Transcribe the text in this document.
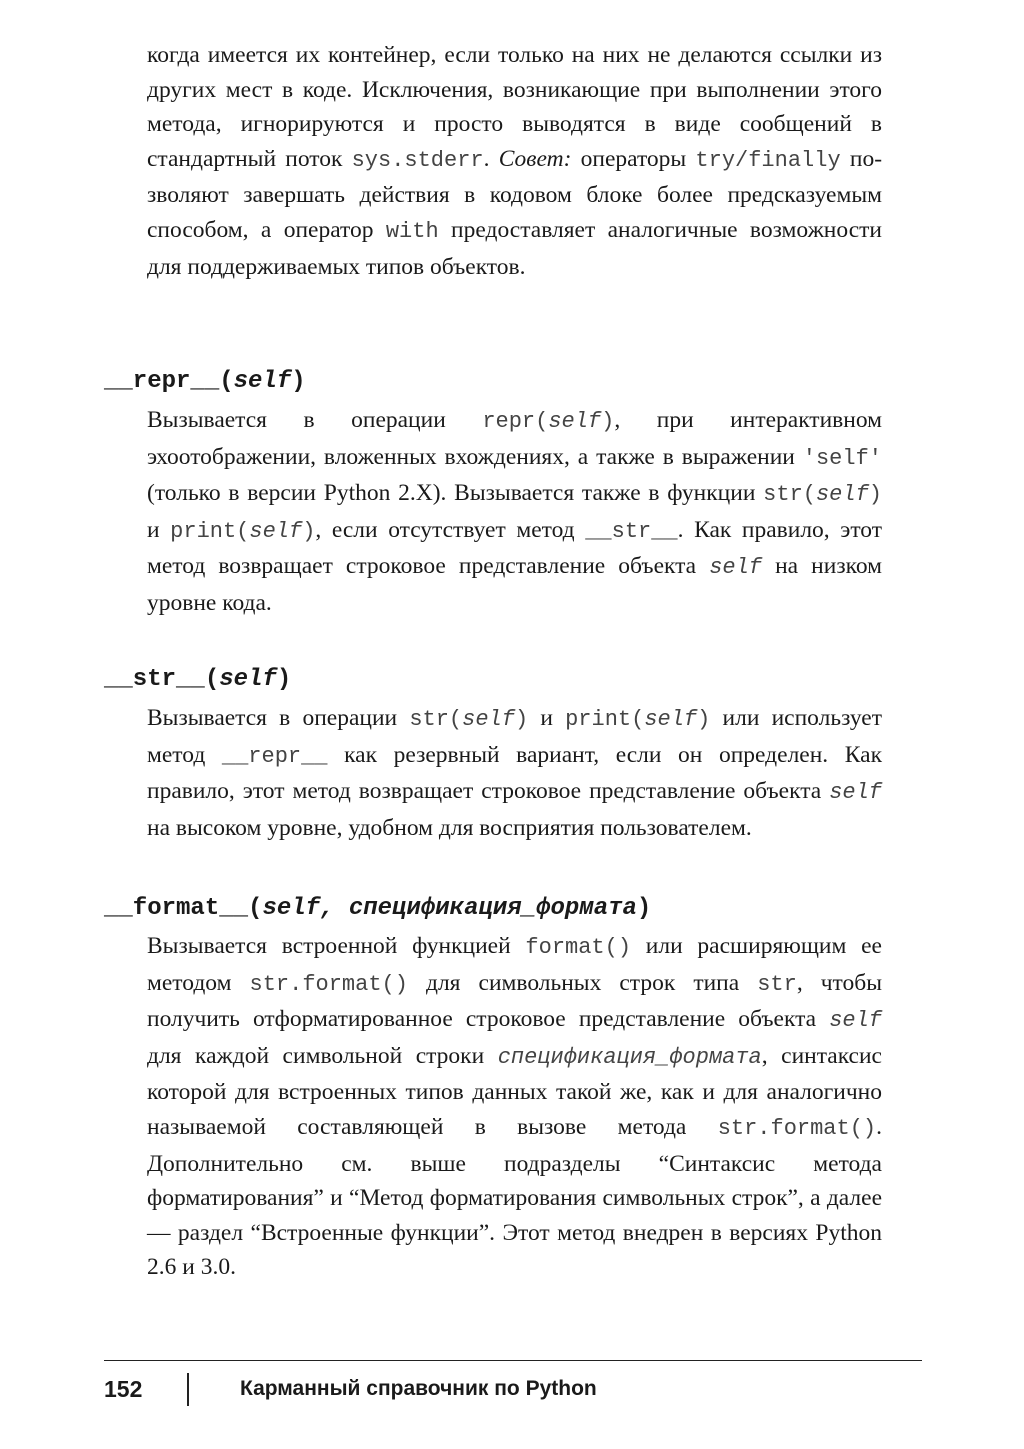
когда имеется их контейнер, если только на них не делаются ссылки из других мест в коде. Исключения, возникающие при выполнении этого метода, игнорируются и просто выводятся в виде сообщений в стандартный поток sys.stderr. Совет: операторы try/finally позволяют завершать действия в кодовом блоке более предсказуемым способом, а оператор with предоставляет аналогичные возможности для поддерживаемых типов объектов.

__repr__(self)

Вызывается в операции repr(self), при интерактивном эхоотображении, вложенных вхождениях, а также в выражении 'self' (только в версии Python 2.X). Вызывается также в функции str(self) и print(self), если отсутствует метод __str__. Как правило, этот метод возвращает строковое представление объекта self на низком уровне кода.

__str__(self)

Вызывается в операции str(self) и print(self) или использует метод __repr__ как резервный вариант, если он определен. Как правило, этот метод возвращает строковое представление объекта self на высоком уровне, удобном для восприятия пользователем.

__format__(self, спецификация_формата)

Вызывается встроенной функцией format() или расширяющим ее методом str.format() для символьных строк типа str, чтобы получить отформатированное строковое представление объекта self для каждой символьной строки спецификация_формата, синтаксис которой для встроенных типов данных такой же, как и для аналогично называемой составляющей в вызове метода str.format(). Дополнительно см. выше подразделы “Синтаксис метода форматирования” и “Метод форматирования символьных строк”, а далее — раздел “Встроенные функции”. Этот метод внедрен в версиях Python 2.6 и 3.0.

152	Карманный справочник по Python
